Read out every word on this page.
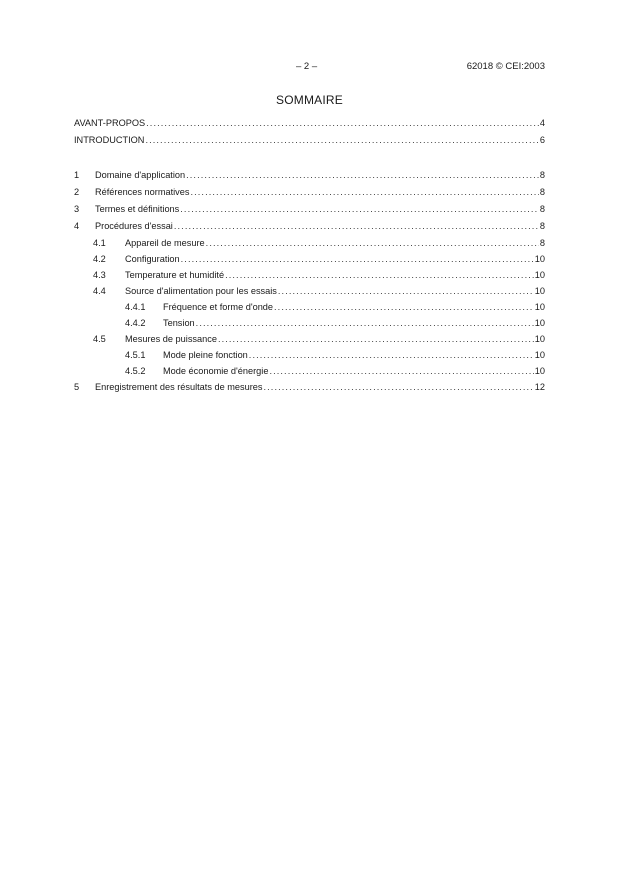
– 2 –	62018 © CEI:2003
SOMMAIRE
AVANT-PROPOS .....	4
INTRODUCTION .....	6
1	Domaine d'application .....	8
2	Références normatives .....	8
3	Termes et définitions .....	8
4	Procédures d'essai .....	8
4.1	Appareil de mesure .....	8
4.2	Configuration .....	10
4.3	Temperature et humidité .....	10
4.4	Source d'alimentation pour les essais .....	10
4.4.1	Fréquence et forme d'onde .....	10
4.4.2	Tension .....	10
4.5	Mesures de puissance .....	10
4.5.1	Mode pleine fonction .....	10
4.5.2	Mode économie d'énergie .....	10
5	Enregistrement des résultats de mesures .....	12
